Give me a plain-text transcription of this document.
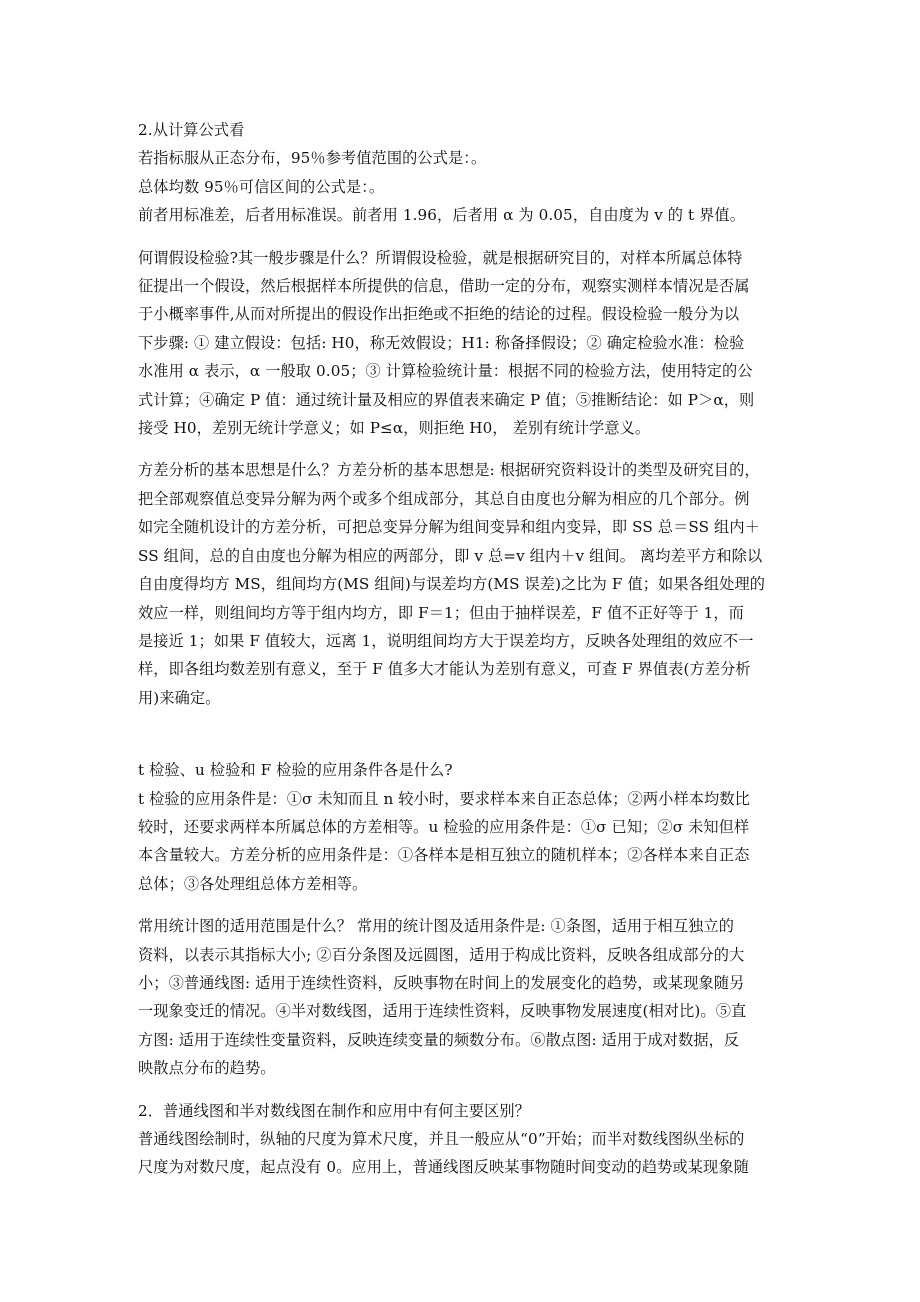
2.从计算公式看
若指标服从正态分布，95％参考值范围的公式是：。
总体均数 95％可信区间的公式是：。
前者用标准差，后者用标准误。前者用 1.96，后者用 α 为 0.05，自由度为 v 的 t 界值。
何谓假设检验?其一般步骤是什么？所谓假设检验，就是根据研究目的，对样本所属总体特
征提出一个假设，然后根据样本所提供的信息，借助一定的分布，观察实测样本情况是否属
于小概率事件,从而对所提出的假设作出拒绝或不拒绝的结论的过程。假设检验一般分为以
下步骤: ① 建立假设：包括: H0，称无效假设；H1: 称备择假设；② 确定检验水准：检验
水准用 α 表示，α 一般取 0.05；③ 计算检验统计量：根据不同的检验方法，使用特定的公
式计算；④确定 P 值：通过统计量及相应的界值表来确定 P 值；⑤推断结论：如 P＞α，则
接受 H0，差别无统计学意义；如 P≤α，则拒绝 H0， 差别有统计学意义。
方差分析的基本思想是什么？方差分析的基本思想是: 根据研究资料设计的类型及研究目的，
把全部观察值总变异分解为两个或多个组成部分，其总自由度也分解为相应的几个部分。例
如完全随机设计的方差分析，可把总变异分解为组间变异和组内变异，即 SS 总＝SS 组内＋
SS 组间，总的自由度也分解为相应的两部分，即 v 总=v 组内＋v 组间。 离均差平方和除以
自由度得均方 MS，组间均方(MS 组间)与误差均方(MS 误差)之比为 F 值；如果各组处理的
效应一样，则组间均方等于组内均方，即 F＝1；但由于抽样误差，F 值不正好等于 1，而
是接近 1；如果 F 值较大，远离 1，说明组间均方大于误差均方，反映各处理组的效应不一
样，即各组均数差别有意义，至于 F 值多大才能认为差别有意义，可查 F 界值表(方差分析
用)来确定。
t 检验、u 检验和 F 检验的应用条件各是什么?
t 检验的应用条件是：①σ 未知而且 n 较小时，要求样本来自正态总体；②两小样本均数比
较时，还要求两样本所属总体的方差相等。u 检验的应用条件是：①σ 已知；②σ 未知但样
本含量较大。方差分析的应用条件是：①各样本是相互独立的随机样本；②各样本来自正态
总体；③各处理组总体方差相等。
常用统计图的适用范围是什么？ 常用的统计图及适用条件是: ①条图，适用于相互独立的
资料，以表示其指标大小; ②百分条图及远圆图，适用于构成比资料，反映各组成部分的大
小；③普通线图: 适用于连续性资料，反映事物在时间上的发展变化的趋势，或某现象随另
一现象变迁的情况。④半对数线图，适用于连续性资料，反映事物发展速度(相对比)。⑤直
方图: 适用于连续性变量资料，反映连续变量的频数分布。⑥散点图: 适用于成对数据，反
映散点分布的趋势。
2．普通线图和半对数线图在制作和应用中有何主要区别？
普通线图绘制时，纵轴的尺度为算术尺度，并且一般应从“0”开始；而半对数线图纵坐标的
尺度为对数尺度，起点没有 0。应用上，普通线图反映某事物随时间变动的趋势或某现象随
